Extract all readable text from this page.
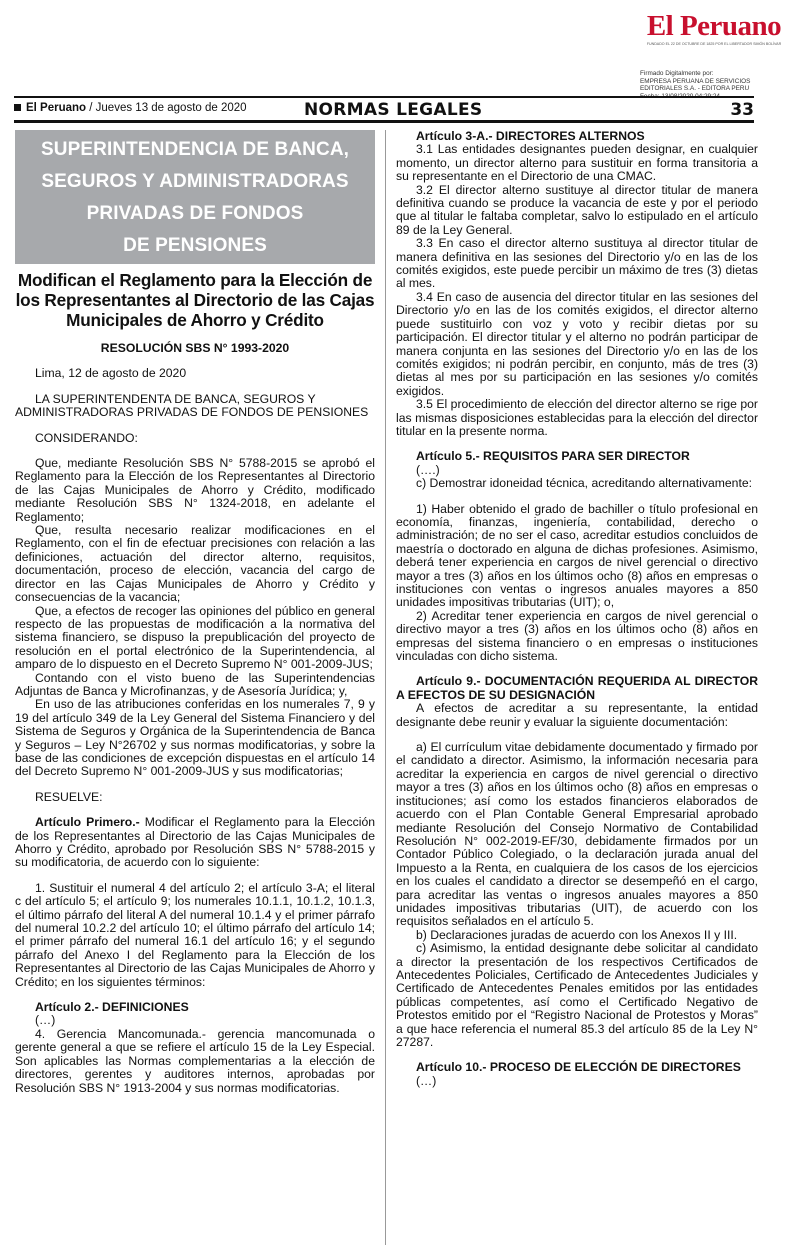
El Peruano
FUNDADO EL 22 DE OCTUBRE DE 1825 POR EL LIBERTADOR SIMÓN BOLÍVAR
Firmado Digitalmente por:
EMPRESA PERUANA DE SERVICIOS
EDITORIALES S.A. - EDITORA PERU
El Peruano / Jueves 13 de agosto de 2020	NORMAS LEGALES	33
SUPERINTENDENCIA DE BANCA,
SEGUROS Y ADMINISTRADORAS
PRIVADAS DE FONDOS
DE PENSIONES
Modifican el Reglamento para la Elección de los Representantes al Directorio de las Cajas Municipales de Ahorro y Crédito
RESOLUCIÓN SBS N° 1993-2020

Lima, 12 de agosto de 2020

LA SUPERINTENDENTA DE BANCA, SEGUROS Y ADMINISTRADORAS PRIVADAS DE FONDOS DE PENSIONES

CONSIDERANDO:

Que, mediante Resolución SBS N° 5788-2015 se aprobó el Reglamento para la Elección de los Representantes al Directorio de las Cajas Municipales de Ahorro y Crédito, modificado mediante Resolución SBS N° 1324-2018, en adelante el Reglamento;

Que, resulta necesario realizar modificaciones en el Reglamento, con el fin de efectuar precisiones con relación a las definiciones, actuación del director alterno, requisitos, documentación, proceso de elección, vacancia del cargo de director en las Cajas Municipales de Ahorro y Crédito y consecuencias de la vacancia;

Que, a efectos de recoger las opiniones del público en general respecto de las propuestas de modificación a la normativa del sistema financiero, se dispuso la prepublicación del proyecto de resolución en el portal electrónico de la Superintendencia, al amparo de lo dispuesto en el Decreto Supremo N° 001-2009-JUS;

Contando con el visto bueno de las Superintendencias Adjuntas de Banca y Microfinanzas, y de Asesoría Jurídica; y,

En uso de las atribuciones conferidas en los numerales 7, 9 y 19 del artículo 349 de la Ley General del Sistema Financiero y del Sistema de Seguros y Orgánica de la Superintendencia de Banca y Seguros – Ley N°26702 y sus normas modificatorias, y sobre la base de las condiciones de excepción dispuestas en el artículo 14 del Decreto Supremo N° 001-2009-JUS y sus modificatorias;

RESUELVE:

Artículo Primero.- Modificar el Reglamento para la Elección de los Representantes al Directorio de las Cajas Municipales de Ahorro y Crédito, aprobado por Resolución SBS N° 5788-2015 y su modificatoria, de acuerdo con lo siguiente:

1. Sustituir el numeral 4 del artículo 2; el artículo 3-A; el literal c del artículo 5; el artículo 9; los numerales 10.1.1, 10.1.2, 10.1.3, el último párrafo del literal A del numeral 10.1.4 y el primer párrafo del numeral 10.2.2 del artículo 10; el último párrafo del artículo 14; el primer párrafo del numeral 16.1 del artículo 16; y el segundo párrafo del Anexo I del Reglamento para la Elección de los Representantes al Directorio de las Cajas Municipales de Ahorro y Crédito; en los siguientes términos:

Artículo 2.- DEFINICIONES

(…)

4. Gerencia Mancomunada.- gerencia mancomunada o gerente general a que se refiere el artículo 15 de la Ley Especial. Son aplicables las Normas complementarias a la elección de directores, gerentes y auditores internos, aprobadas por Resolución SBS N° 1913-2004 y sus normas modificatorias.

Artículo 3-A.- DIRECTORES ALTERNOS

3.1 Las entidades designantes pueden designar, en cualquier momento, un director alterno para sustituir en forma transitoria a su representante en el Directorio de una CMAC.

3.2 El director alterno sustituye al director titular de manera definitiva cuando se produce la vacancia de este y por el periodo que al titular le faltaba completar, salvo lo estipulado en el artículo 89 de la Ley General.

3.3 En caso el director alterno sustituya al director titular de manera definitiva en las sesiones del Directorio y/o en las de los comités exigidos, este puede percibir un máximo de tres (3) dietas al mes.

3.4 En caso de ausencia del director titular en las sesiones del Directorio y/o en las de los comités exigidos, el director alterno puede sustituirlo con voz y voto y recibir dietas por su participación. El director titular y el alterno no podrán participar de manera conjunta en las sesiones del Directorio y/o en las de los comités exigidos; ni podrán percibir, en conjunto, más de tres (3) dietas al mes por su participación en las sesiones y/o comités exigidos.

3.5 El procedimiento de elección del director alterno se rige por las mismas disposiciones establecidas para la elección del director titular en la presente norma.

Artículo 5.- REQUISITOS PARA SER DIRECTOR

(….)

c) Demostrar idoneidad técnica, acreditando alternativamente:

1) Haber obtenido el grado de bachiller o título profesional en economía, finanzas, ingeniería, contabilidad, derecho o administración; de no ser el caso, acreditar estudios concluidos de maestría o doctorado en alguna de dichas profesiones. Asimismo, deberá tener experiencia en cargos de nivel gerencial o directivo mayor a tres (3) años en los últimos ocho (8) años en empresas o instituciones con ventas o ingresos anuales mayores a 850 unidades impositivas tributarias (UIT); o,

2) Acreditar tener experiencia en cargos de nivel gerencial o directivo mayor a tres (3) años en los últimos ocho (8) años en empresas del sistema financiero o en empresas o instituciones vinculadas con dicho sistema.

Artículo 9.- DOCUMENTACIÓN REQUERIDA AL DIRECTOR A EFECTOS DE SU DESIGNACIÓN

A efectos de acreditar a su representante, la entidad designante debe reunir y evaluar la siguiente documentación:

a) El currículum vitae debidamente documentado y firmado por el candidato a director. Asimismo, la información necesaria para acreditar la experiencia en cargos de nivel gerencial o directivo mayor a tres (3) años en los últimos ocho (8) años en empresas o instituciones; así como los estados financieros elaborados de acuerdo con el Plan Contable General Empresarial aprobado mediante Resolución del Consejo Normativo de Contabilidad Resolución N° 002-2019-EF/30, debidamente firmados por un Contador Público Colegiado, o la declaración jurada anual del Impuesto a la Renta, en cualquiera de los casos de los ejercicios en los cuales el candidato a director se desempeñó en el cargo, para acreditar las ventas o ingresos anuales mayores a 850 unidades impositivas tributarias (UIT), de acuerdo con los requisitos señalados en el artículo 5.

b) Declaraciones juradas de acuerdo con los Anexos II y III.

c) Asimismo, la entidad designante debe solicitar al candidato a director la presentación de los respectivos Certificados de Antecedentes Policiales, Certificado de Antecedentes Judiciales y Certificado de Antecedentes Penales emitidos por las entidades públicas competentes, así como el Certificado Negativo de Protestos emitido por el “Registro Nacional de Protestos y Moras” a que hace referencia el numeral 85.3 del artículo 85 de la Ley N° 27287.

Artículo 10.- PROCESO DE ELECCIÓN DE DIRECTORES

(…)
